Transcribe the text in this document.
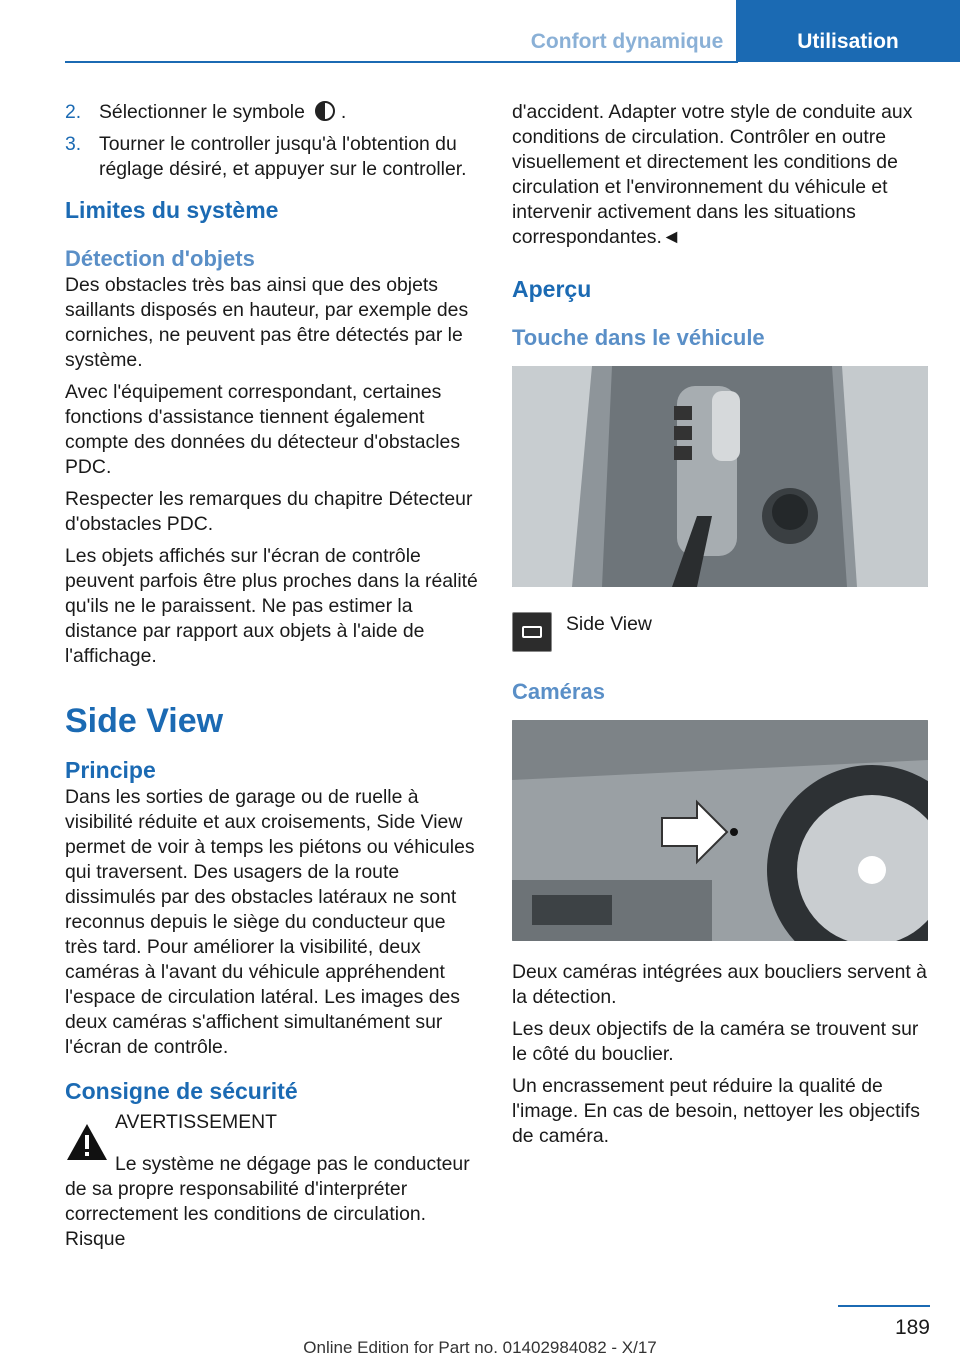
Confort dynamique	Utilisation
2. Sélectionner le symbole .
3. Tourner le controller jusqu'à l'obtention du réglage désiré, et appuyer sur le controller.
Limites du système
Détection d'objets

Des obstacles très bas ainsi que des objets saillants disposés en hauteur, par exemple des corniches, ne peuvent pas être détectés par le système.

Avec l'équipement correspondant, certaines fonctions d'assistance tiennent également compte des données du détecteur d'obstacles PDC.

Respecter les remarques du chapitre Détecteur d'obstacles PDC.

Les objets affichés sur l'écran de contrôle peuvent parfois être plus proches dans la réalité qu'ils ne le paraissent. Ne pas estimer la distance par rapport aux objets à l'aide de l'affichage.

Side View
Principe

Dans les sorties de garage ou de ruelle à visibilité réduite et aux croisements, Side View permet de voir à temps les piétons ou véhicules qui traversent. Des usagers de la route dissimulés par des obstacles latéraux ne sont reconnus depuis le siège du conducteur que très tard. Pour améliorer la visibilité, deux caméras à l'avant du véhicule appréhendent l'espace de circulation latéral. Les images des deux caméras s'affichent simultanément sur l'écran de contrôle.

Consigne de sécurité
AVERTISSEMENT

Le système ne dégage pas le conducteur de sa propre responsabilité d'interpréter correctement les conditions de circulation. Risque

d'accident. Adapter votre style de conduite aux conditions de circulation. Contrôler en outre visuellement et directement les conditions de circulation et l'environnement du véhicule et intervenir activement dans les situations correspondantes.◄

Aperçu
Touche dans le véhicule
Side View
Caméras

Deux caméras intégrées aux boucliers servent à la détection.

Les deux objectifs de la caméra se trouvent sur le côté du bouclier.

Un encrassement peut réduire la qualité de l'image. En cas de besoin, nettoyer les objectifs de caméra.

189
Online Edition for Part no. 01402984082 - X/17
